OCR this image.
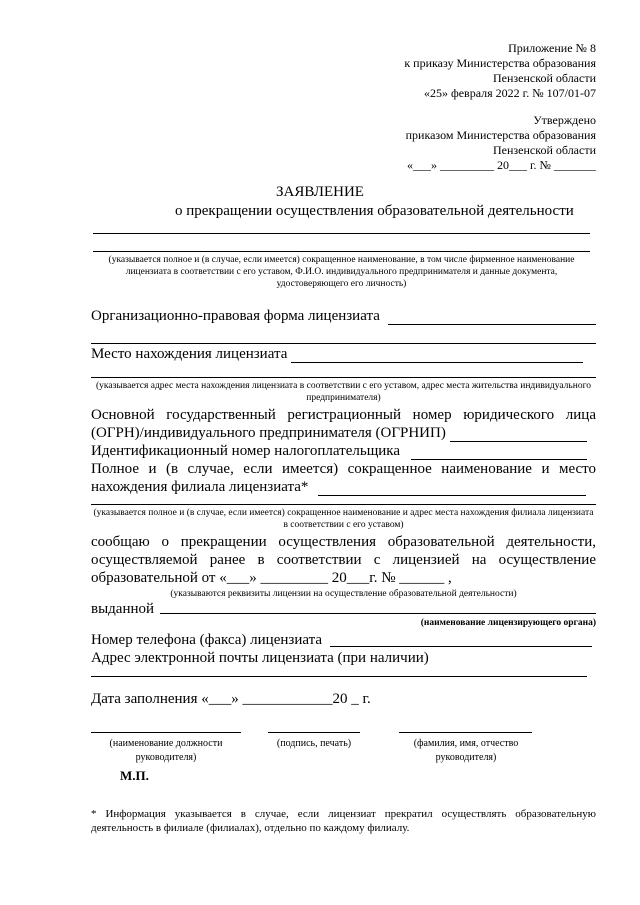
Приложение № 8
к приказу Министерства образования
Пензенской области
«25» февраля 2022 г. № 107/01-07
Утверждено
приказом Министерства образования
Пензенской области
«___» _________ 20___ г. № _______
ЗАЯВЛЕНИЕ
о прекращении осуществления образовательной деятельности
(указывается полное и (в случае, если имеется) сокращенное наименование, в том числе фирменное наименование лицензиата в соответствии с его уставом, Ф.И.О. индивидуального предпринимателя и данные документа, удостоверяющего его личность)
Организационно-правовая форма лицензиата
Место нахождения лицензиата
(указывается адрес места нахождения лицензиата в соответствии с его уставом, адрес места жительства индивидуального предпринимателя)
Основной государственный регистрационный номер юридического лица
(ОГРН)/индивидуального предпринимателя (ОГРНИП)
Идентификационный номер налогоплательщика
Полное и (в случае, если имеется) сокращенное наименование и место
нахождения филиала лицензиата*
(указывается полное и (в случае, если имеется) сокращенное наименование и адрес места нахождения филиала лицензиата в соответствии с его уставом)
сообщаю о прекращении осуществления образовательной деятельности,
осуществляемой ранее в соответствии с лицензией на осуществление
образовательной от «___» _________ 20___г. № ______ ,
(указываются реквизиты лицензии на осуществление образовательной деятельности)
выданной
(наименование лицензирующего органа)
Номер телефона (факса) лицензиата
Адрес электронной почты лицензиата (при наличии)
Дата заполнения «___» ____________20 _ г.
(наименование должности руководителя)
(подпись, печать)	(фамилия, имя, отчество руководителя)
М.П.
* Информация указывается в случае, если лицензиат прекратил осуществлять образовательную деятельность в филиале (филиалах), отдельно по каждому филиалу.
